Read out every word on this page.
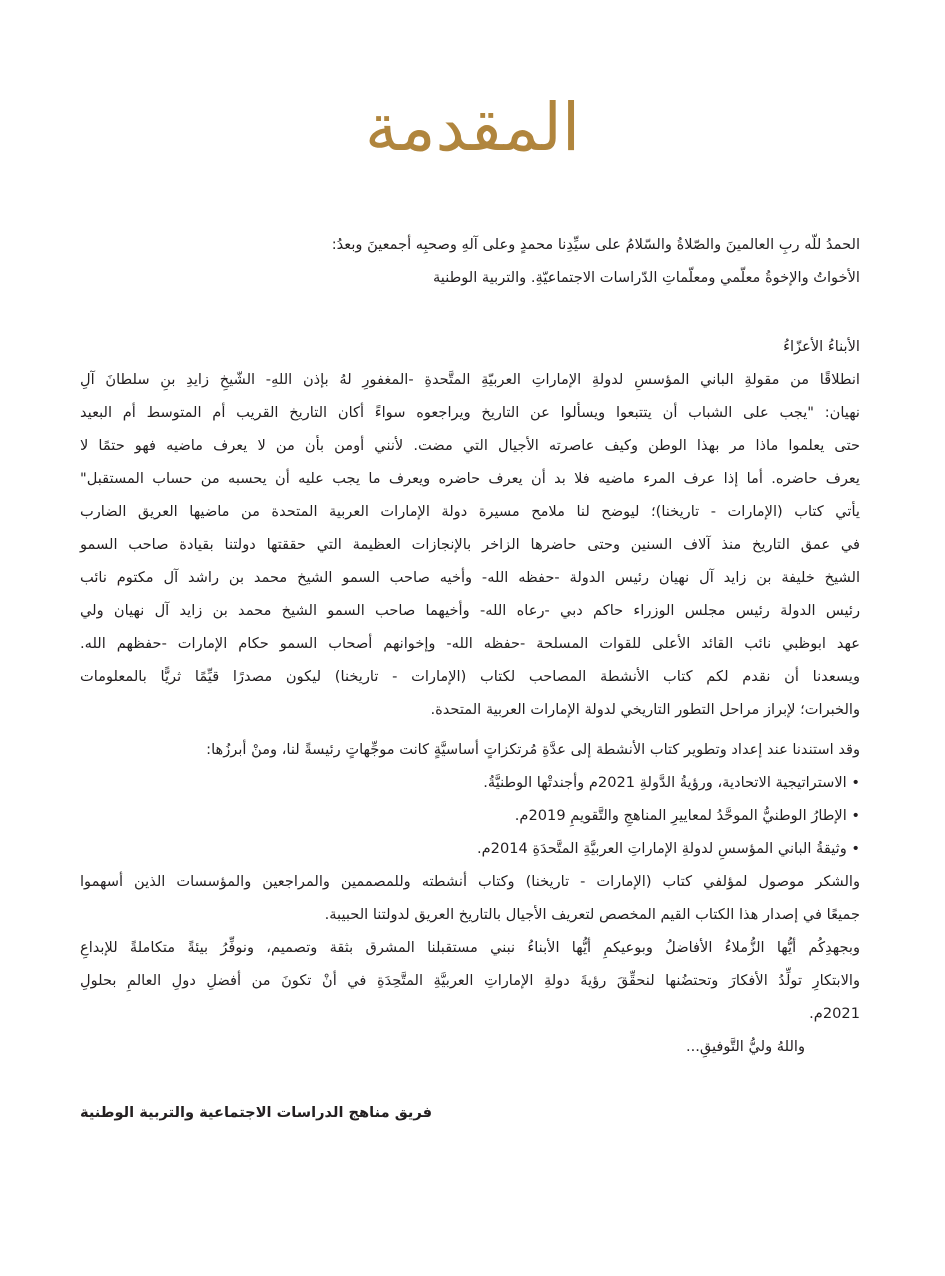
المقدمة
الحمدُ للّه ربِ العالمينَ والصّلاةُ والسّلامُ على سيِّدِنا محمدٍ وعلى آلهِ وصحبِه أجمعينَ وبعدُ:
الأخواتُ والإخوةُ معلّمي ومعلّماتِ الدّراسات الاجتماعيّةِ. والتربية الوطنية
الأبناءُ الأعزّاءُ
انطلاقًا من مقولةِ الباني المؤسسِ لدولةِ الإماراتِ العربيّةِ المتَّحدةِ -المغفورِ لهُ بإذن اللهِ- الشّيخِ زايدِ بنِ سلطانَ آلِ
نهيان: "يجب على الشباب أن يتتبعوا ويسألوا عن التاريخ ويراجعوه سواءً أكان التاريخ القريب أم المتوسط أم البعيد
حتى يعلموا ماذا مر بهذا الوطن وكيف عاصرته الأجيال التي مضت. لأنني أومن بأن من لا يعرف ماضيه فهو حتمًا لا
يعرف حاضره. أما إذا عرف المرء ماضيه فلا بد أن يعرف حاضره ويعرف ما يجب عليه أن يحسبه من حساب المستقبل"
يأتي كتاب (الإمارات - تاريخنا)؛ ليوضح لنا ملامح مسيرة دولة الإمارات العربية المتحدة من ماضيها العريق الضارب
في عمق التاريخ منذ آلاف السنين وحتى حاضرها الزاخر بالإنجازات العظيمة التي حققتها دولتنا بقيادة صاحب السمو
الشيخ خليفة بن زايد آل نهيان رئيس الدولة -حفظه الله- وأخيه صاحب السمو الشيخ محمد بن راشد آل مكتوم نائب
رئيس الدولة رئيس مجلس الوزراء حاكم دبي -رعاه الله- وأخيهما صاحب السمو الشيخ محمد بن زايد آل نهيان ولي
عهد ابوظبي نائب القائد الأعلى للقوات المسلحة -حفظه الله- وإخوانهم أصحاب السمو حكام الإمارات -حفظهم الله.
ويسعدنا أن نقدم لكم كتاب الأنشطة المصاحب لكتاب (الإمارات - تاريخنا) ليكون مصدرًا قيِّمًا ثريًّا بالمعلومات
والخبرات؛ لإبراز مراحل التطور التاريخي لدولة الإمارات العربية المتحدة.
وقد استندنا عند إعداد وتطوير كتاب الأنشطة إلى عدَّةِ مُرتكزاتٍ أساسيَّةٍ كانت موجِّهاتٍ رئيسةً لنا، ومنْ أبرزُها:
• الاستراتيجية الاتحادية، ورؤيةُ الدَّولةِ 2021م وأجندتْها الوطنيَّةُ.
• الإطارُ الوطنيُّ الموحَّدُ لمعاييرِ المناهجِ والتَّقويمِ 2019م.
• وثيقةُ الباني المؤسسِ لدولةِ الإماراتِ العربيَّةِ المتَّحدَةِ 2014م.
والشكر موصول لمؤلفي كتاب (الإمارات - تاريخنا) وكتاب أنشطته وللمصممين والمراجعين والمؤسسات الذين أسهموا
جميعًا في إصدار هذا الكتاب القيم المخصص لتعريف الأجيال بالتاريخ العريق لدولتنا الحبيبة.
وبجهدِكُم أيُّها الزُّملاءُ الأفاضلُ وبوعيكمِ أيُّها الأبناءُ نبني مستقبلنا المشرق بثقة وتصميم، ونوفِّرُ بيئةً متكاملةً للإبداعِ
والابتكارِ تولِّدُ الأفكارَ وتحتضُنها لنحقِّقَ رؤيةَ دولةِ الإماراتِ العربيَّةِ المتَّحِدَةِ في أنْ تكونَ من أفضلِ دولِ العالمِ بحلولِ
2021م.
واللهُ وليُّ التَّوفيقِ...
فريق مناهج الدراسات الاجتماعية والتربية الوطنية
